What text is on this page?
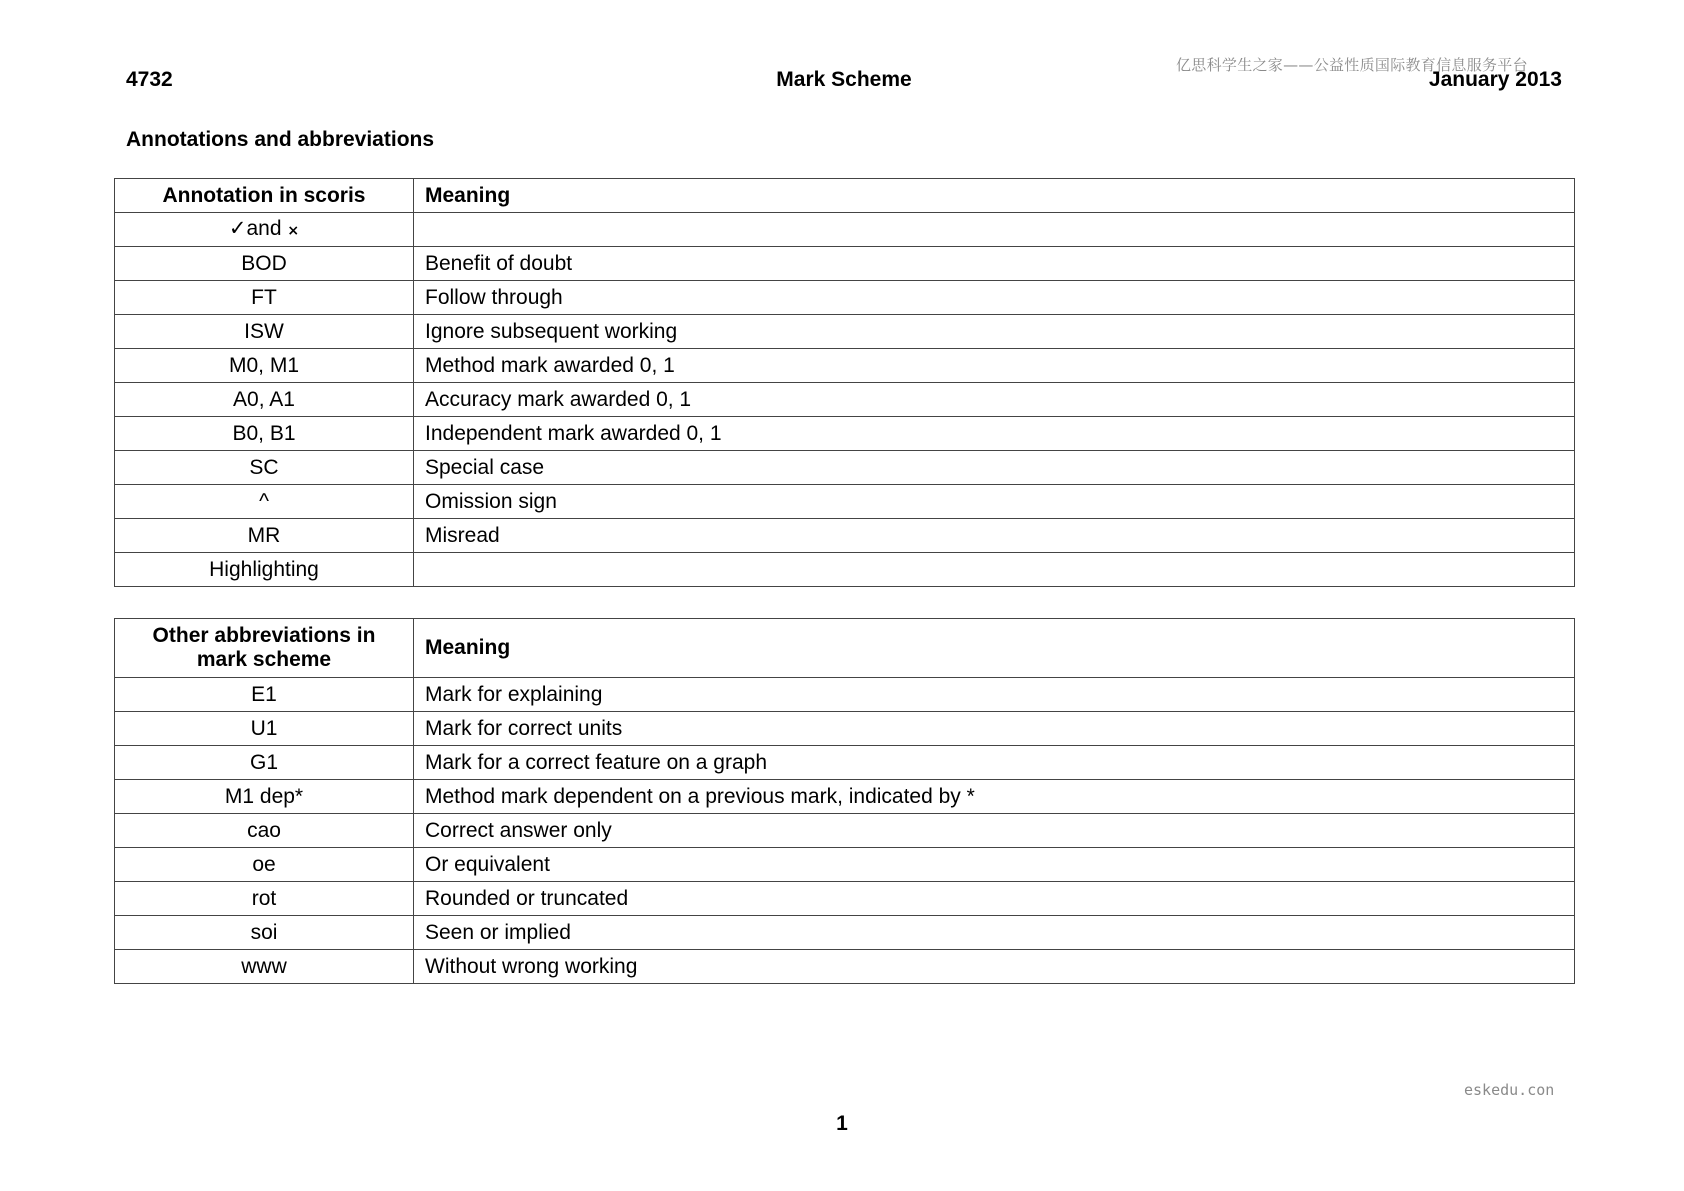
亿思科学生之家——公益性质国际教育信息服务平台
4732	Mark Scheme	January 2013
Annotations and abbreviations
Annotation in scoris	Meaning
✓and ×	
BOD	Benefit of doubt
FT	Follow through
ISW	Ignore subsequent working
M0, M1	Method mark awarded 0, 1
A0, A1	Accuracy mark awarded 0, 1
B0, B1	Independent mark awarded 0, 1
SC	Special case
^	Omission sign
MR	Misread
Highlighting	
Other abbreviations in mark scheme	Meaning
E1	Mark for explaining
U1	Mark for correct units
G1	Mark for a correct feature on a graph
M1 dep*	Method mark dependent on a previous mark, indicated by *
cao	Correct answer only
oe	Or equivalent
rot	Rounded or truncated
soi	Seen or implied
www	Without wrong working
eskedu.con
1
